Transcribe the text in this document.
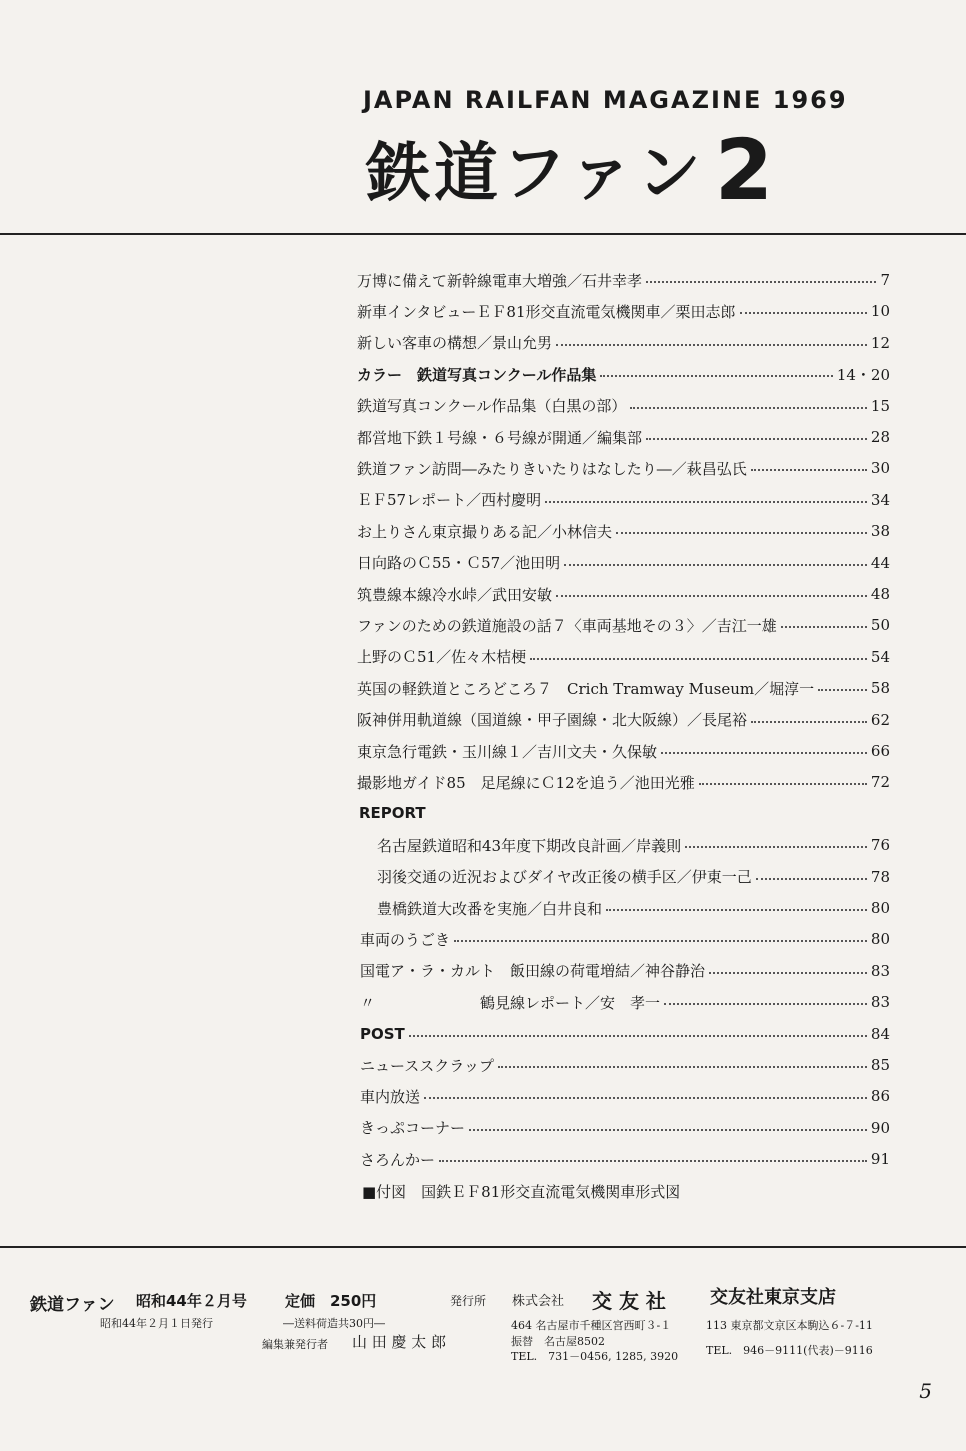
JAPAN RAILFAN MAGAZINE 1969
鉄道ファン 2
万博に備えて新幹線電車大増強／石井幸孝	7
新車インタビューＥＦ81形交直流電気機関車／栗田志郎	10
新しい客車の構想／景山允男	12
カラー　鉄道写真コンクール作品集	14・20
鉄道写真コンクール作品集（白黒の部）	15
都営地下鉄１号線・６号線が開通／編集部	28
鉄道ファン訪問―みたりきいたりはなしたり―／萩昌弘氏	30
ＥＦ57レポート／西村慶明	34
お上りさん東京撮りある記／小林信夫	38
日向路のＣ55・Ｃ57／池田明	44
筑豊線本線冷水峠／武田安敏	48
ファンのための鉄道施設の話７〈車両基地その３〉／吉江一雄	50
上野のＣ51／佐々木桔梗	54
英国の軽鉄道ところどころ７　Crich Tramway Museum／堀淳一	58
阪神併用軌道線（国道線・甲子園線・北大阪線）／長尾裕	62
東京急行電鉄・玉川線１／吉川文夫・久保敏	66
撮影地ガイド85　足尾線にＣ12を追う／池田光雅	72
REPORT
名古屋鉄道昭和43年度下期改良計画／岸義則	76
羽後交通の近況およびダイヤ改正後の横手区／伊東一己	78
豊橋鉄道大改番を実施／白井良和	80
車両のうごき	80
国電ア・ラ・カルト　飯田線の荷電増結／神谷静治	83
〃　　　　　　　鶴見線レポート／安　孝一	83
POST	84
ニューススクラップ	85
車内放送	86
きっぷコーナー	90
さろんかー	91
■付図　国鉄ＥＦ81形交直流電気機関車形式図
鉄道ファン 昭和44年２月号	定価　250円
昭和44年２月１日発行	―送料荷造共30円―
編集兼発行者 山 田 慶 太 郎
発行所 株式会社 交 友 社
464 名古屋市千種区宮西町３-１
振替　名古屋8502
TEL.　731－0456, 1285, 3920
交友社東京支店
113 東京都文京区本駒込６-７-11
TEL.　946－9111(代表)－9116
5
